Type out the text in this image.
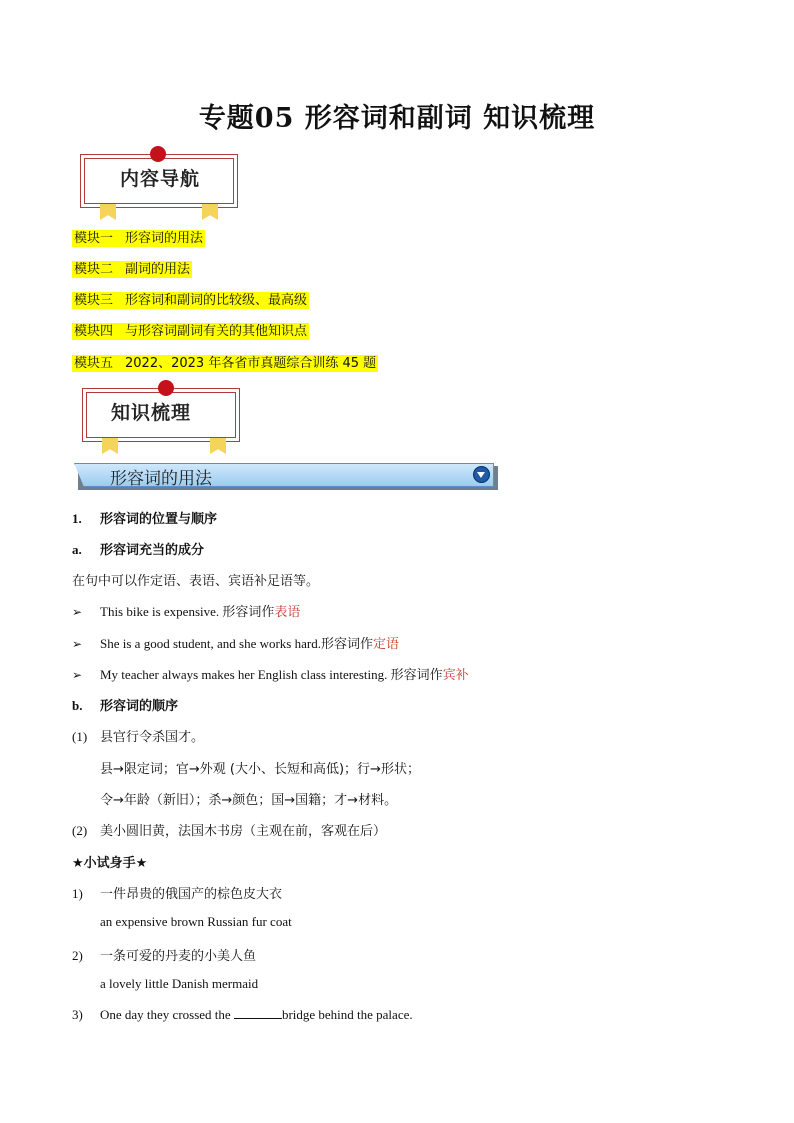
专题05 形容词和副词 知识梳理
内容导航
模块一 形容词的用法
模块二 副词的用法
模块三 形容词和副词的比较级、最高级
模块四 与形容词副词有关的其他知识点
模块五 2022、2023 年各省市真题综合训练 45 题
知识梳理
形容词的用法
1. 形容词的位置与顺序
a. 形容词充当的成分
在句中可以作定语、表语、宾语补足语等。
➢ This bike is expensive. 形容词作表语
➢ She is a good student, and she works hard.形容词作定语
➢ My teacher always makes her English class interesting. 形容词作宾补
b. 形容词的顺序
(1) 县官行令杀国才。
县→限定词；官→外观 (大小、长短和高低)；行→形状；
令→年龄（新旧）；杀→颜色；国→国籍；才→材料。
(2) 美小圆旧黄，法国木书房（主观在前，客观在后）
★小试身手★
1) 一件昂贵的俄国产的棕色皮大衣
an expensive brown Russian fur coat
2) 一条可爱的丹麦的小美人鱼
a lovely little Danish mermaid
3) One day they crossed the	bridge behind the palace.
